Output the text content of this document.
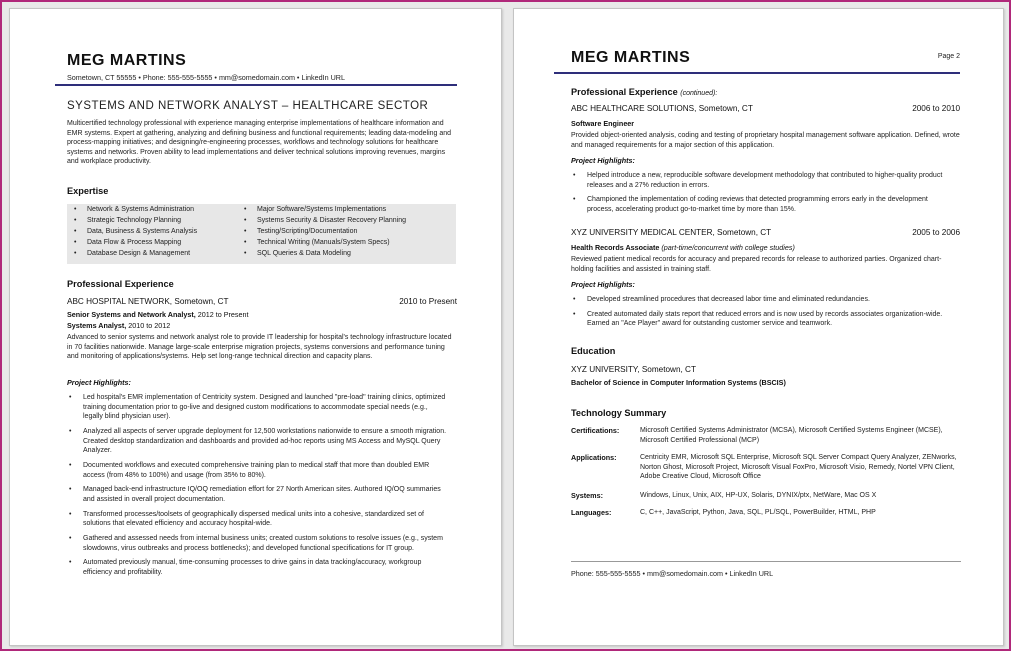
MEG MARTINS
Sometown, CT 55555 • Phone: 555-555-5555 • mm@somedomain.com • LinkedIn URL
SYSTEMS AND NETWORK ANALYST – HEALTHCARE SECTOR
Multicertified technology professional with experience managing enterprise implementations of healthcare information and EMR systems. Expert at gathering, analyzing and defining business and functional requirements; leading data-modeling and process-mapping initiatives; and designing/re-engineering processes, workflows and technology solutions for healthcare systems and networks. Proven ability to lead implementations and deliver technical solutions improving revenues, margins and workplace productivity.
Expertise
• Network & Systems Administration
• Strategic Technology Planning
• Data, Business & Systems Analysis
• Data Flow & Process Mapping
• Database Design & Management
• Major Software/Systems Implementations
• Systems Security & Disaster Recovery Planning
• Testing/Scripting/Documentation
• Technical Writing (Manuals/System Specs)
• SQL Queries & Data Modeling
Professional Experience
ABC HOSPITAL NETWORK, Sometown, CT	2010 to Present
Senior Systems and Network Analyst, 2012 to Present
Systems Analyst, 2010 to 2012
Advanced to senior systems and network analyst role to provide IT leadership for hospital's technology infrastructure located in 70 facilities nationwide. Manage large-scale enterprise migration projects, systems conversions and performance tuning and monitoring of applications/systems. Help set long-range technical direction and capacity plans.
Project Highlights:
• Led hospital's EMR implementation of Centricity system. Designed and launched "pre-load" training clinics, optimized training documentation prior to go-live and designed custom modifications to accommodate special needs (e.g., legally blind physician user).
• Analyzed all aspects of server upgrade deployment for 12,500 workstations nationwide to ensure a smooth migration. Created desktop standardization and dashboards and provided ad-hoc reports using MS Access and MySQL Query Analyzer.
• Documented workflows and executed comprehensive training plan to medical staff that more than doubled EMR access (from 48% to 100%) and usage (from 35% to 80%).
• Managed back-end infrastructure IQ/OQ remediation effort for 27 North American sites. Authored IQ/OQ summaries and assisted in overall project documentation.
• Transformed processes/toolsets of geographically dispersed medical units into a cohesive, standardized set of solutions that elevated efficiency and accuracy hospital-wide.
• Gathered and assessed needs from internal business units; created custom solutions to resolve issues (e.g., system slowdowns, virus outbreaks and process bottlenecks); and developed functional specifications for IT group.
• Automated previously manual, time-consuming processes to drive gains in data tracking/accuracy, workgroup efficiency and profitability.
MEG MARTINS	Page 2
Professional Experience (continued):
ABC HEALTHCARE SOLUTIONS, Sometown, CT	2006 to 2010
Software Engineer
Provided object-oriented analysis, coding and testing of proprietary hospital management software application. Defined, wrote and managed requirements for a major section of this application.
Project Highlights:
• Helped introduce a new, reproducible software development methodology that contributed to higher-quality product releases and a 27% reduction in errors.
• Championed the implementation of coding reviews that detected programming errors early in the development process, accelerating product go-to-market time by more than 15%.
XYZ UNIVERSITY MEDICAL CENTER, Sometown, CT	2005 to 2006
Health Records Associate (part-time/concurrent with college studies)
Reviewed patient medical records for accuracy and prepared records for release to authorized parties. Organized chart-holding facilities and assisted in training staff.
Project Highlights:
• Developed streamlined procedures that decreased labor time and eliminated redundancies.
• Created automated daily stats report that reduced errors and is now used by records associates organization-wide. Earned an "Ace Player" award for outstanding customer service and teamwork.
Education
XYZ UNIVERSITY, Sometown, CT
Bachelor of Science in Computer Information Systems (BSCIS)
Technology Summary
Certifications:	Microsoft Certified Systems Administrator (MCSA), Microsoft Certified Systems Engineer (MCSE), Microsoft Certified Professional (MCP)
Applications:	Centricity EMR, Microsoft SQL Enterprise, Microsoft SQL Server Compact Query Analyzer, ZENworks, Norton Ghost, Microsoft Project, Microsoft Visual FoxPro, Microsoft Visio, Remedy, Nortel VPN Client, Adobe Creative Cloud, Microsoft Office
Systems:	Windows, Linux, Unix, AIX, HP-UX, Solaris, DYNIX/ptx, NetWare, Mac OS X
Languages:	C, C++, JavaScript, Python, Java, SQL, PL/SQL, PowerBuilder, HTML, PHP
Phone: 555-555-5555 • mm@somedomain.com • LinkedIn URL
